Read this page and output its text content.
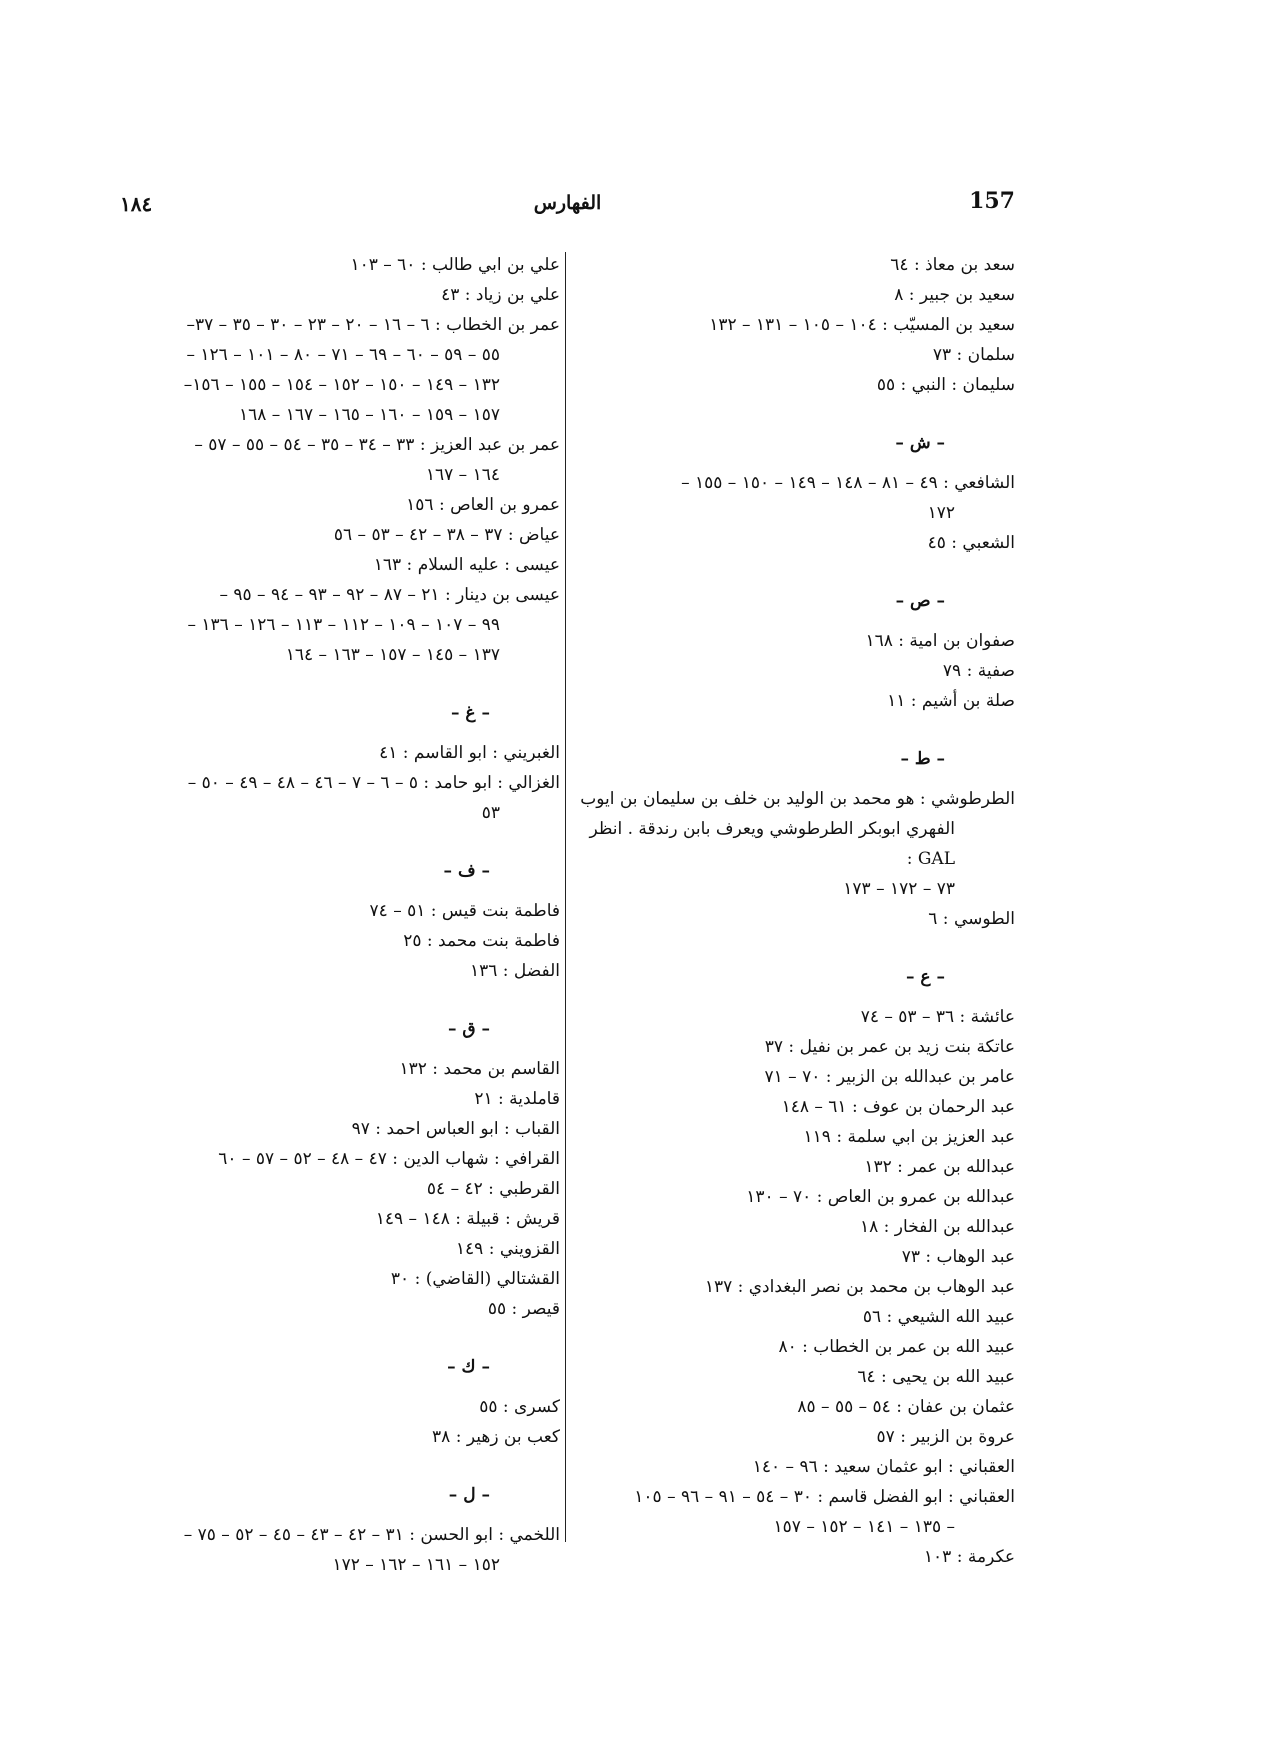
١٨٤	الفهارس	157
سعد بن معاذ : ٦٤
سعيد بن جبير : ٨
سعيد بن المسيّب : ١٠٤ – ١٠٥ – ١٣١ – ١٣٢
سلمان : ٧٣
سليمان : النبي : ٥٥
– ش –
الشافعي : ٤٩ – ٨١ – ١٤٨ – ١٤٩ – ١٥٠ – ١٥٥ –
١٧٢
الشعبي : ٤٥
– ص –
صفوان بن امية : ١٦٨
صفية : ٧٩
صلة بن أشيم : ١١
– ط –
الطرطوشي : هو محمد بن الوليد بن خلف بن سليمان بن ايوب
الفهري ابوبكر الطرطوشي ويعرف بابن رندقة . انظر GAL :
٧٣ – ١٧٢ – ١٧٣
الطوسي : ٦
– ع –
عائشة : ٣٦ – ٥٣ – ٧٤
عاتكة بنت زيد بن عمر بن نفيل : ٣٧
عامر بن عبدالله بن الزبير : ٧٠ – ٧١
عبد الرحمان بن عوف : ٦١ – ١٤٨
عبد العزيز بن ابي سلمة : ١١٩
عبدالله بن عمر : ١٣٢
عبدالله بن عمرو بن العاص : ٧٠ – ١٣٠
عبدالله بن الفخار : ١٨
عبد الوهاب : ٧٣
عبد الوهاب بن محمد بن نصر البغدادي : ١٣٧
عبيد الله الشيعي : ٥٦
عبيد الله بن عمر بن الخطاب : ٨٠
عبيد الله بن يحيى : ٦٤
عثمان بن عفان : ٥٤ – ٥٥ – ٨٥
عروة بن الزبير : ٥٧
العقباني : ابو عثمان سعيد : ٩٦ – ١٤٠
العقباني : ابو الفضل قاسم : ٣٠ – ٥٤ – ٩١ – ٩٦ – ١٠٥
– ١٣٥ – ١٤١ – ١٥٢ – ١٥٧
عكرمة : ١٠٣
علي بن ابي طالب : ٦٠ – ١٠٣
علي بن زياد : ٤٣
عمر بن الخطاب : ٦ – ١٦ – ٢٠ – ٢٣ – ٣٠ – ٣٥ – ٣٧–
٥٥ – ٥٩ – ٦٠ – ٦٩ – ٧١ – ٨٠ – ١٠١ – ١٢٦ –
١٣٢ – ١٤٩ – ١٥٠ – ١٥٢ – ١٥٤ – ١٥٥ – ١٥٦–
١٥٧ – ١٥٩ – ١٦٠ – ١٦٥ – ١٦٧ – ١٦٨
عمر بن عبد العزيز : ٣٣ – ٣٤ – ٣٥ – ٥٤ – ٥٥ – ٥٧ –
١٦٤ – ١٦٧
عمرو بن العاص : ١٥٦
عياض : ٣٧ – ٣٨ – ٤٢ – ٥٣ – ٥٦
عيسى : عليه السلام : ١٦٣
عيسى بن دينار : ٢١ – ٨٧ – ٩٢ – ٩٣ – ٩٤ – ٩٥ –
٩٩ – ١٠٧ – ١٠٩ – ١١٢ – ١١٣ – ١٢٦ – ١٣٦ –
١٣٧ – ١٤٥ – ١٥٧ – ١٦٣ – ١٦٤
– غ –
الغبريني : ابو القاسم : ٤١
الغزالي : ابو حامد : ٥ – ٦ – ٧ – ٤٦ – ٤٨ – ٤٩ – ٥٠ –
٥٣
– ف –
فاطمة بنت قيس : ٥١ – ٧٤
فاطمة بنت محمد : ٢٥
الفضل : ١٣٦
– ق –
القاسم بن محمد : ١٣٢
قاملدية : ٢١
القباب : ابو العباس احمد : ٩٧
القرافي : شهاب الدين : ٤٧ – ٤٨ – ٥٢ – ٥٧ – ٦٠
القرطبي : ٤٢ – ٥٤
قريش : قبيلة : ١٤٨ – ١٤٩
القزويني : ١٤٩
القشتالي (القاضي) : ٣٠
قيصر : ٥٥
– ك –
كسرى : ٥٥
كعب بن زهير : ٣٨
– ل –
اللخمي : ابو الحسن : ٣١ – ٤٢ – ٤٣ – ٤٥ – ٥٢ – ٧٥ –
١٥٢ – ١٦١ – ١٦٢ – ١٧٢
